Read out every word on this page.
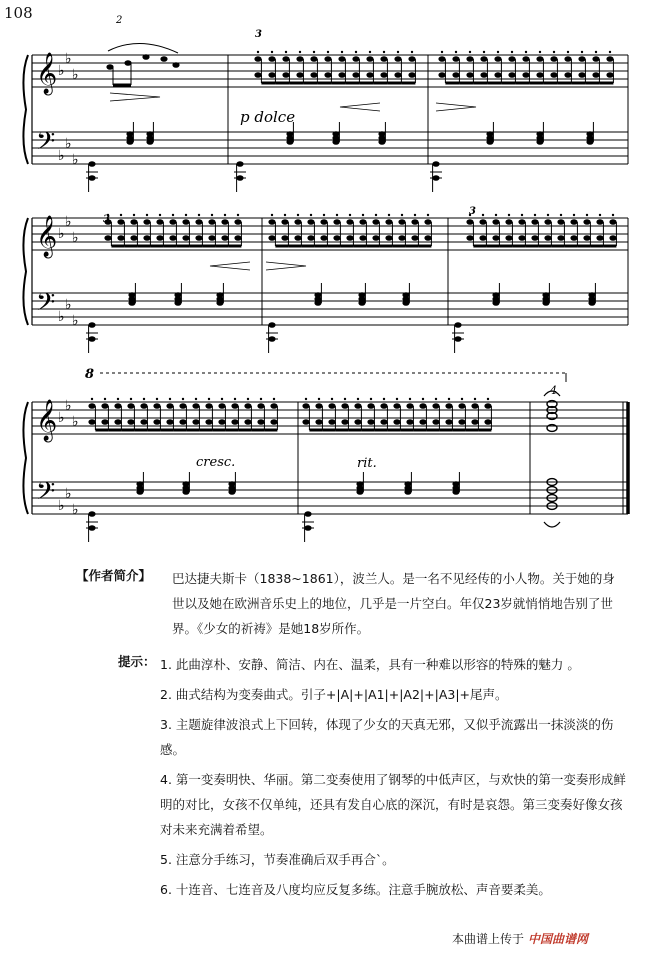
108
𝄞
𝄢
♭
♭
♭
♭
♭
♭
𝄞
𝄢
♭
♭
♭
♭
♭
♭
𝄞
𝄢
♭
♭
♭
♭
♭
♭
2
3
p dolce
3
3
cresc.	rit.
8
4
【作者简介】 巴达捷夫斯卡（1838~1861），波兰人。是一名不见经传的小人物。关于她的身世以及她在欧洲音乐史上的地位，几乎是一片空白。年仅23岁就悄悄地告别了世界。《少女的祈祷》是她18岁所作。
提示： 1. 此曲淳朴、安静、简洁、内在、温柔，具有一种难以形容的特殊的魅力 。
2. 曲式结构为变奏曲式。引子+|A|+|A1|+|A2|+|A3|+尾声。
3. 主题旋律波浪式上下回转，体现了少女的天真无邪，又似乎流露出一抹淡淡的伤感。
4. 第一变奏明快、华丽。第二变奏使用了钢琴的中低声区，与欢快的第一变奏形成鲜明的对比，女孩不仅单纯，还具有发自心底的深沉，有时是哀怨。第三变奏好像女孩对未来充满着希望。
5. 注意分手练习，节奏准确后双手再合`。
6. 十连音、七连音及八度均应反复多练。注意手腕放松、声音要柔美。
本曲谱上传于 中国曲谱网
